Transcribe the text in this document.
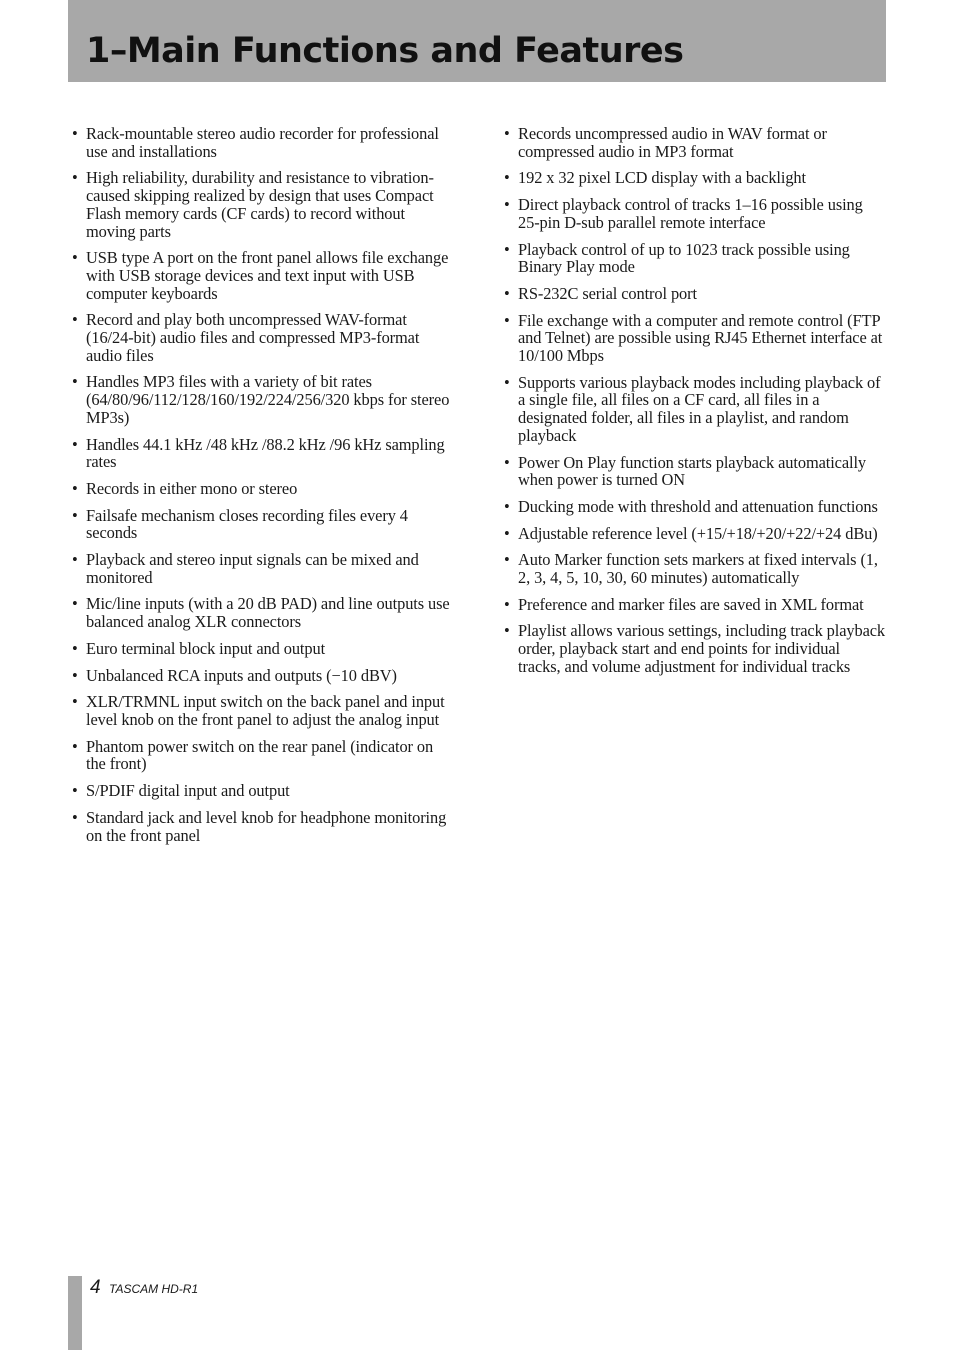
1–Main Functions and Features
• Rack-mountable stereo audio recorder for professional use and installations
• High reliability, durability and resistance to vibration-caused skipping realized by design that uses Compact Flash memory cards (CF cards) to record without moving parts
• USB type A port on the front panel allows file exchange with USB storage devices and text input with USB computer keyboards
• Record and play both uncompressed WAV-format (16/24-bit) audio files and compressed MP3-format audio files
• Handles MP3 files with a variety of bit rates (64/80/96/112/128/160/192/224/256/320 kbps for stereo MP3s)
• Handles 44.1 kHz /48 kHz /88.2 kHz /96 kHz sampling rates
• Records in either mono or stereo
• Failsafe mechanism closes recording files every 4 seconds
• Playback and stereo input signals can be mixed and monitored
• Mic/line inputs (with a 20 dB PAD) and line outputs use balanced analog XLR connectors
• Euro terminal block input and output
• Unbalanced RCA inputs and outputs (−10 dBV)
• XLR/TRMNL input switch on the back panel and input level knob on the front panel to adjust the analog input
• Phantom power switch on the rear panel (indicator on the front)
• S/PDIF digital input and output
• Standard jack and level knob for headphone monitoring on the front panel
• Records uncompressed audio in WAV format or compressed audio in MP3 format
• 192 x 32 pixel LCD display with a backlight
• Direct playback control of tracks 1–16 possible using 25-pin D-sub parallel remote interface
• Playback control of up to 1023 track possible using Binary Play mode
• RS-232C serial control port
• File exchange with a computer and remote control (FTP and Telnet) are possible using RJ45 Ethernet interface at 10/100 Mbps
• Supports various playback modes including playback of a single file, all files on a CF card, all files in a designated folder, all files in a playlist, and random playback
• Power On Play function starts playback automatically when power is turned ON
• Ducking mode with threshold and attenuation functions
• Adjustable reference level (+15/+18/+20/+22/+24 dBu)
• Auto Marker function sets markers at fixed intervals (1, 2, 3, 4, 5, 10, 30, 60 minutes) automatically
• Preference and marker files are saved in XML format
• Playlist allows various settings, including track playback order, playback start and end points for individual tracks, and volume adjustment for individual tracks
4 TASCAM HD-R1
